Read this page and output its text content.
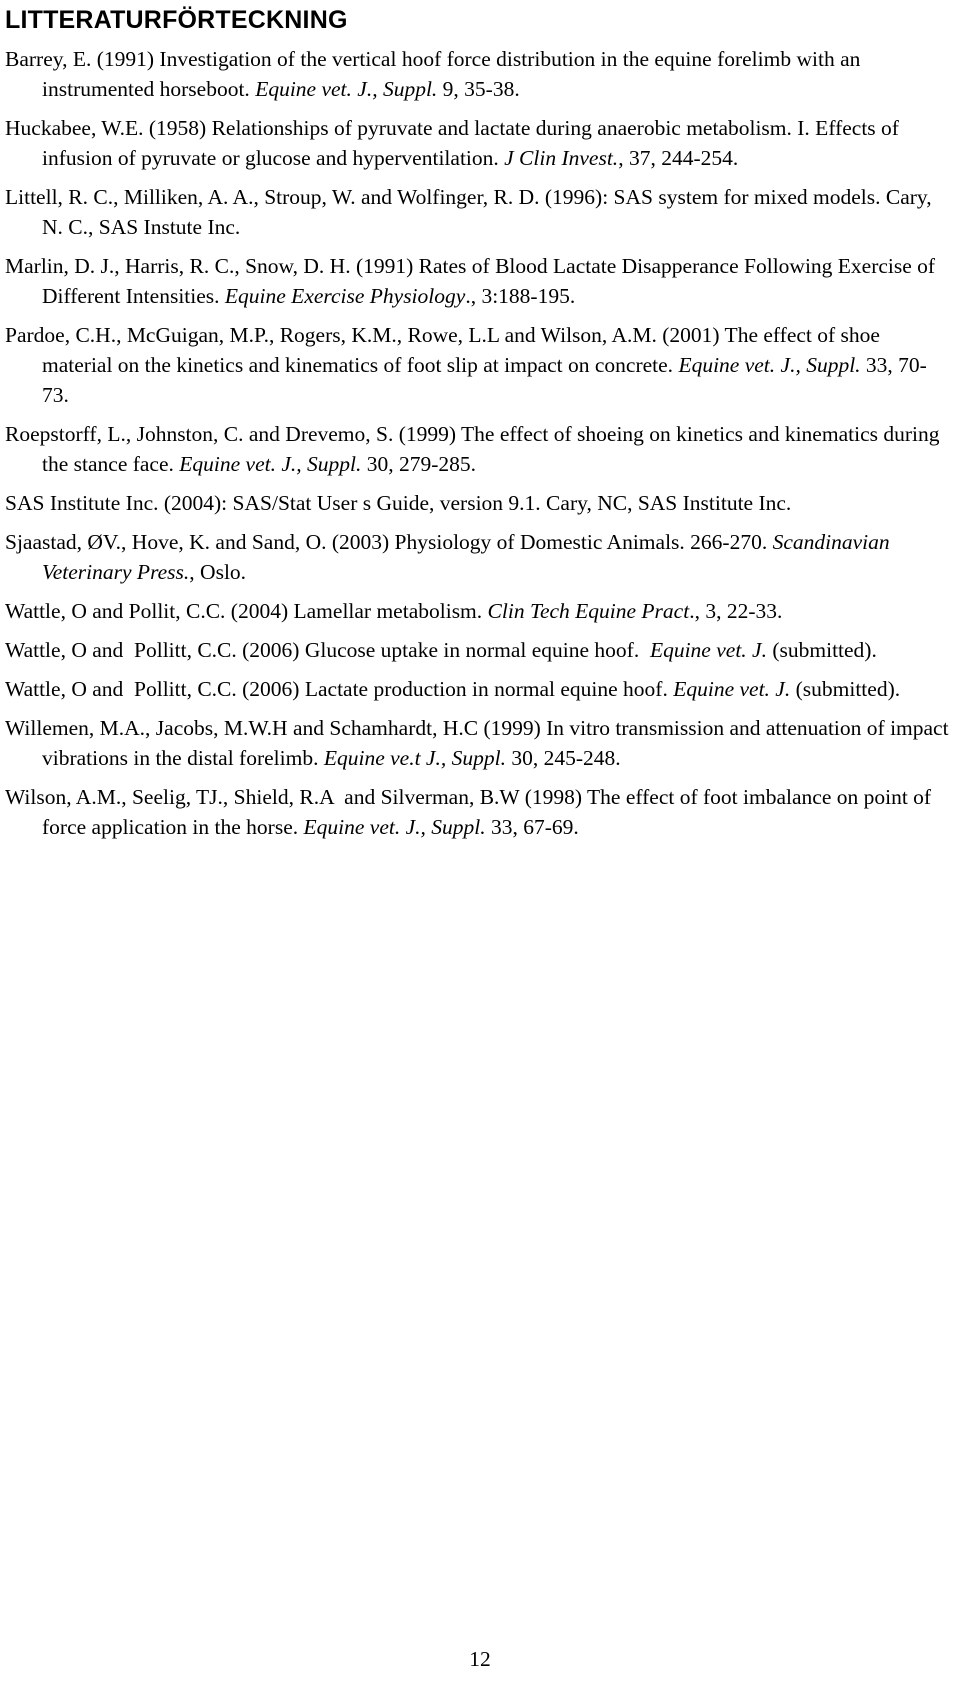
LITTERATURFÖRTECKNING

Barrey, E. (1991) Investigation of the vertical hoof force distribution in the equine forelimb with an instrumented horseboot. Equine vet. J., Suppl. 9, 35-38.

Huckabee, W.E. (1958) Relationships of pyruvate and lactate during anaerobic metabolism. I. Effects of infusion of pyruvate or glucose and hyperventilation. J Clin Invest., 37, 244-254.

Littell, R. C., Milliken, A. A., Stroup, W. and Wolfinger, R. D. (1996): SAS system for mixed models. Cary, N. C., SAS Instute Inc.

Marlin, D. J., Harris, R. C., Snow, D. H. (1991) Rates of Blood Lactate Disapperance Following Exercise of Different Intensities. Equine Exercise Physiology., 3:188-195.

Pardoe, C.H., McGuigan, M.P., Rogers, K.M., Rowe, L.L and Wilson, A.M. (2001) The effect of shoe material on the kinetics and kinematics of foot slip at impact on concrete. Equine vet. J., Suppl. 33, 70-73.

Roepstorff, L., Johnston, C. and Drevemo, S. (1999) The effect of shoeing on kinetics and kinematics during the stance face. Equine vet. J., Suppl. 30, 279-285.

SAS Institute Inc. (2004): SAS/Stat User s Guide, version 9.1. Cary, NC, SAS Institute Inc.

Sjaastad, ØV., Hove, K. and Sand, O. (2003) Physiology of Domestic Animals. 266-270. Scandinavian Veterinary Press., Oslo.

Wattle, O and Pollit, C.C. (2004) Lamellar metabolism. Clin Tech Equine Pract., 3, 22-33.

Wattle, O and  Pollitt, C.C. (2006) Glucose uptake in normal equine hoof.  Equine vet. J. (submitted).

Wattle, O and  Pollitt, C.C. (2006) Lactate production in normal equine hoof. Equine vet. J. (submitted).

Willemen, M.A., Jacobs, M.W.H and Schamhardt, H.C (1999) In vitro transmission and attenuation of impact vibrations in the distal forelimb. Equine ve.t J., Suppl. 30, 245-248.

Wilson, A.M., Seelig, TJ., Shield, R.A  and Silverman, B.W (1998) The effect of foot imbalance on point of force application in the horse. Equine vet. J., Suppl. 33, 67-69.

12
